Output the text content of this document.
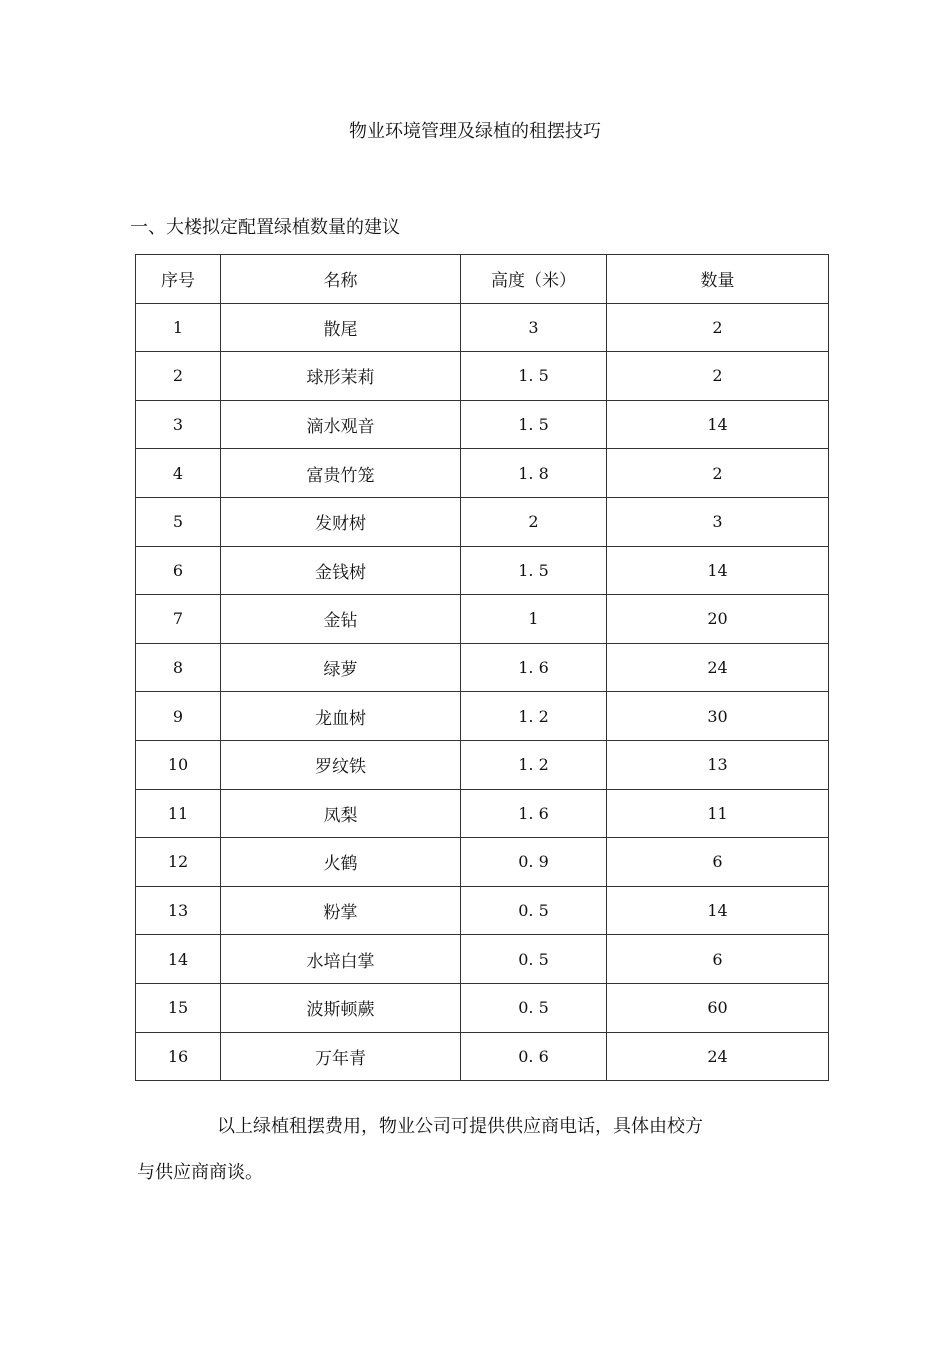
物业环境管理及绿植的租摆技巧
一、大楼拟定配置绿植数量的建议
序号	名称	高度（米）	数量
1	散尾	3	2
2	球形茉莉	1. 5	2
3	滴水观音	1. 5	14
4	富贵竹笼	1. 8	2
5	发财树	2	3
6	金钱树	1. 5	14
7	金钻	1	20
8	绿萝	1. 6	24
9	龙血树	1. 2	30
10	罗纹铁	1. 2	13
11	凤梨	1. 6	11
12	火鹤	0. 9	6
13	粉掌	0. 5	14
14	水培白掌	0. 5	6
15	波斯顿蕨	0. 5	60
16	万年青	0. 6	24
以上绿植租摆费用，物业公司可提供供应商电话，具体由校方
与供应商商谈。
